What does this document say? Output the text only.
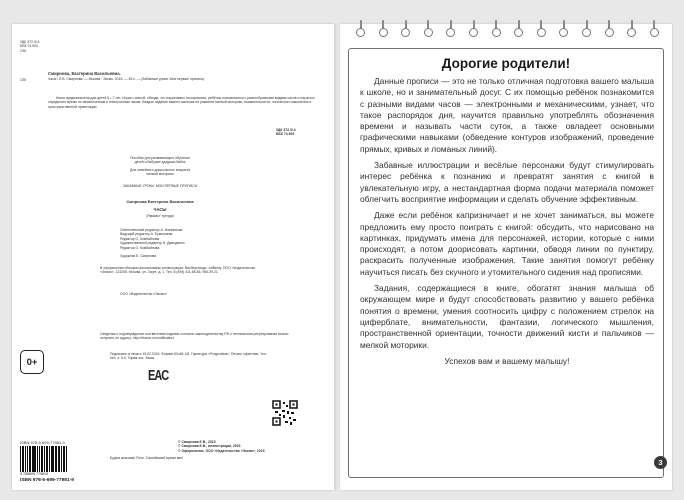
УДК 372.3/.4
ББК 74.903
С50
Смирнова, Екатерина Васильевна.
С50	Часы / Е.В. Смирнова. — Москва : Эксмо, 2015. — 48 с. — (Забавные уроки. Мои первые прописи).
Книга предназначена для детей 5—7 лет. Играя с книгой, обводя, что нарисовано на картинках, ребёнок познакомится с разнообразными видами часов и научится определять время по механическим и электронным часам. Каждое задание вашего малыша на развитие мелкой моторики, внимательности, логического мышления и пространственной ориентации.
УДК 372.3/.4
ББК 74.903
Пособие для развивающего обучения
детей и бабушке дедушки бабок
Для семейного дошкольного возраста
мелкой моторики
ЗАБАВНЫЕ УРОКИ. МОИ ПЕРВЫЕ ПРОПИСИ
Смирнова Екатерина Васильевна
ЧАСЫ
(Ямакаст тренди)
Ответственный редактор А. Жилинская
Ведущий редактор А. Ермолаева
Редактор О. Комбайнова
Художественный редактор В. Давыденко
Редактор О. Комбайнова
Художник Е. Смирнова
В оформлении обложки использованы иллюстрации: ВасФернандо. ArtBesfy. ООО «Издательство «Эксмо». 123308, Москва, ул. Зорге, д. 1. Тел. 8 (495) 411-68-86, 956-39-21.
ООО «Издательство «Эксмо»
Сведения о подтверждении соответствия издания согласно законодательству РФ о техническом регулировании можно получить по адресу: http://eksmo.ru/certification/
Подписано в печать 15.02.2015. Формат 60x84 1/8. Гарнитура «Pragmatica». Печать офсетная. Усл. печ. л. 5,6. Тираж экз. Заказ
0+
EAC
ISBN 978-5-699-77981-9
9 785699 779819
ISBN 978-5-699-77981-9
© Смирнова Е.В., 2015
© Смирнова Е.В., иллюстрации, 2015
© Оформление. ООО «Издательство «Эксмо», 2015
Будем знакомы! Росе. Салюбимый время вас!
Дорогие родители!

Данные прописи — это не только отличная подготовка вашего малыша к школе, но и занимательный досуг. С их помощью ребёнок познакомится с разными видами часов — электронными и механическими, узнает, что такое распорядок дня, научится правильно употреблять обозначения времени и называть части суток, а также овладеет основными графическими навыками (обведение контуров изображений, проведение прямых, кривых и ломаных линий).

Забавные иллюстрации и весёлые персонажи будут стимулировать интерес ребёнка к познанию и превратят занятия с книгой в увлекательную игру, а нестандартная форма подачи материала поможет облегчить восприятие информации и сделать обучение эффективным.

Даже если ребёнок капризничает и не хочет заниматься, вы можете предложить ему просто поиграть с книгой: обсудить, что нарисовано на картинках, придумать имена для персонажей, истории, которые с ними происходят, а потом доорисовать картинки, обводя линии по пунктиру, раскрасить полученные изображения. Такие занятия помогут ребёнку научиться писать без скучного и утомительного сидения над прописями.

Задания, содержащиеся в книге, обогатят знания малыша об окружающем мире и будут способствовать развитию у вашего ребёнка понятия о времени, умения соотносить цифру с положением стрелок на циферблате, внимательности, фантазии, логического мышления, пространственной ориентации, точности движений кисти и пальчиков — мелкой моторики.

Успехов вам и вашему малышу!

3
